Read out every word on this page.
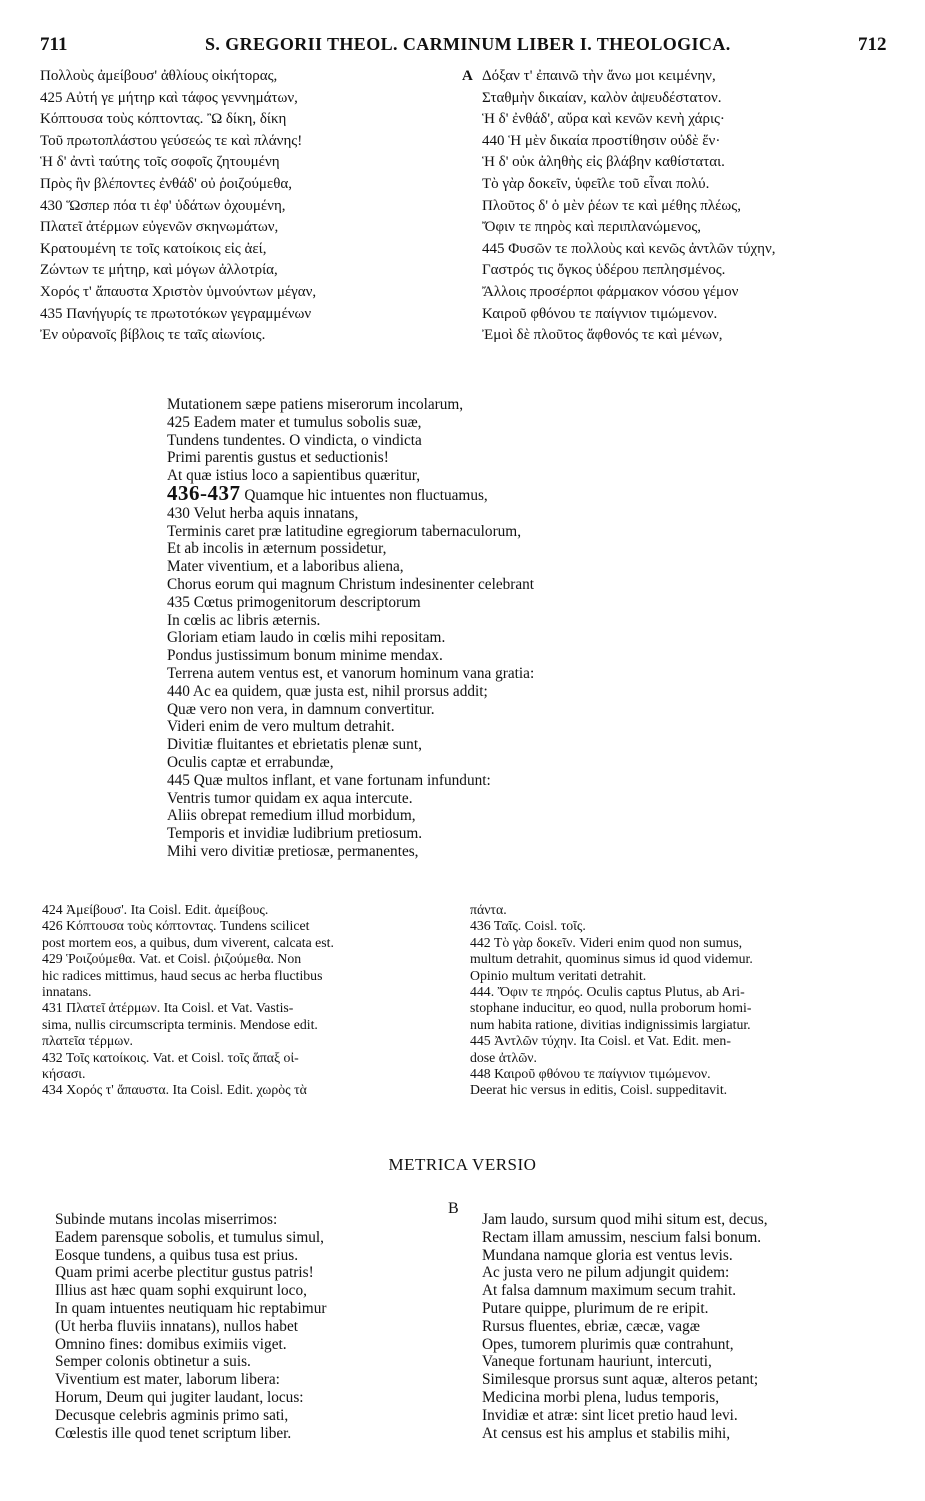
711	S. GREGORII THEOL. CARMINUM LIBER I. THEOLOGICA.	712
Πολλοὺς ἀμείβουσ' ἀθλίους οἰκήτορας,
425 Αὐτή γε μήτηρ καὶ τάφος γεννημάτων,
Κόπτουσα τοὺς κόπτοντας. Ὢ δίκη, δίκη
Τοῦ πρωτοπλάστου γεύσεώς τε καὶ πλάνης!
Ἡ δ' ἀντὶ ταύτης τοῖς σοφοῖς ζητουμένη
Πρὸς ἣν βλέποντες ἐνθάδ' οὐ ῥοιζούμεθα,
430 Ὥσπερ πόα τι ἐφ' ὑδάτων ὀχουμένη,
Πλατεῖ ἀτέρμων εὐγενῶν σκηνωμάτων,
Κρατουμένη τε τοῖς κατοίκοις εἰς ἀεί,
Ζώντων τε μήτηρ, καὶ μόγων ἀλλοτρία,
Χορός τ' ἄπαυστα Χριστὸν ὑμνούντων μέγαν,
435 Πανήγυρίς τε πρωτοτόκων γεγραμμένων
Ἐν οὐρανοῖς βίβλοις τε ταῖς αἰωνίοις.
A Δόξαν τ' ἐπαινῶ τὴν ἄνω μοι κειμένην,
Σταθμὴν δικαίαν, καλὸν ἀψευδέστατον.
Ἡ δ' ἐνθάδ', αὔρα καὶ κενῶν κενὴ χάρις·
440 Ἡ μὲν δικαία προστίθησιν οὐδὲ ἕν·
Ἡ δ' οὐκ ἀληθὴς εἰς βλάβην καθίσταται.
Τὸ γὰρ δοκεῖν, ὑφεῖλε τοῦ εἶναι πολύ.
Πλοῦτος δ' ὁ μὲν ῥέων τε καὶ μέθης πλέως,
Ὄφιν τε πηρὸς καὶ περιπλανώμενος,
445 Φυσῶν τε πολλοὺς καὶ κενῶς ἀντλῶν τύχην,
Γαστρός τις ὄγκος ὑδέρου πεπλησμένος.
Ἄλλοις προσέρποι φάρμακον νόσου γέμον
Καιροῦ φθόνου τε παίγνιον τιμώμενον.
Ἐμοὶ δὲ πλοῦτος ἄφθονός τε καὶ μένων,
Mutationem sæpe patiens miserorum incolarum,
425 Eadem mater et tumulus sobolis suæ,
Tundens tundentes. O vindicta, o vindicta
Primi parentis gustus et seductionis!
At quæ istius loco a sapientibus quæritur,
436-437 Quamque hic intuentes non fluctuamus,
430 Velut herba aquis innatans,
Terminis caret præ latitudine egregiorum tabernaculorum,
Et ab incolis in æternum possidetur,
Mater viventium, et a laboribus aliena,
Chorus eorum qui magnum Christum indesinenter celebrant
435 Cœtus primogenitorum descriptorum
In cœlis ac libris æternis.
Gloriam etiam laudo in cœlis mihi repositam.
Pondus justissimum bonum minime mendax.
Terrena autem ventus est, et vanorum hominum vana gratia:
440 Ac ea quidem, quæ justa est, nihil prorsus addit;
Quæ vero non vera, in damnum convertitur.
Videri enim de vero multum detrahit.
Divitiæ fluitantes et ebrietatis plenæ sunt,
Oculis captæ et errabundæ,
445 Quæ multos inflant, et vane fortunam infundunt:
Ventris tumor quidam ex aqua intercute.
Aliis obrepat remedium illud morbidum,
Temporis et invidiæ ludibrium pretiosum.
Mihi vero divitiæ pretiosæ, permanentes,
424 Ἀμείβουσ'. Ita Coisl. Edit. ἀμείβους.
426 Κόπτουσα τοὺς κόπτοντας. Tundens scilicet
post mortem eos, a quibus, dum viverent, calcata est.
429 Ῥοιζούμεθα. Vat. et Coisl. ῥιζούμεθα. Non
hic radices mittimus, haud secus ac herba fluctibus
innatans.
431 Πλατεῖ ἀτέρμων. Ita Coisl. et Vat. Vastis-
sima, nullis circumscripta terminis. Mendose edit.
πλατεῖα τέρμων.
432 Τοῖς κατοίκοις. Vat. et Coisl. τοῖς ἅπαξ οἰ-
κήσασι.
434 Χορός τ' ἄπαυστα. Ita Coisl. Edit. χωρὸς τὰ
πάντα.
436 Ταῖς. Coisl. τοῖς.
442 Τὸ γὰρ δοκεῖν. Videri enim quod non sumus,
multum detrahit, quominus simus id quod videmur.
Opinio multum veritati detrahit.
444. Ὄφιν τε πηρός. Oculis captus Plutus, ab Ari-
stophane inducitur, eo quod, nulla proborum homi-
num habita ratione, divitias indignissimis largiatur.
445 Ἀντλῶν τύχην. Ita Coisl. et Vat. Edit. men-
dose ἀτλῶν.
448 Καιροῦ φθόνου τε παίγνιον τιμώμενον.
Deerat hic versus in editis, Coisl. suppeditavit.
METRICA VERSIO
B
Subinde mutans incolas miserrimos:
Eadem parensque sobolis, et tumulus simul,
Eosque tundens, a quibus tusa est prius.
Quam primi acerbe plectitur gustus patris!
Illius ast hæc quam sophi exquirunt loco,
In quam intuentes neutiquam hic reptabimur
(Ut herba fluviis innatans), nullos habet
Omnino fines: domibus eximiis viget.
Semper colonis obtinetur a suis.
Viventium est mater, laborum libera:
Horum, Deum qui jugiter laudant, locus:
Decusque celebris agminis primo sati,
Cœlestis ille quod tenet scriptum liber.
Jam laudo, sursum quod mihi situm est, decus,
Rectam illam amussim, nescium falsi bonum.
Mundana namque gloria est ventus levis.
Ac justa vero ne pilum adjungit quidem:
At falsa damnum maximum secum trahit.
Putare quippe, plurimum de re eripit.
Rursus fluentes, ebriæ, cæcæ, vagæ
Opes, tumorem plurimis quæ contrahunt,
Vaneque fortunam hauriunt, intercuti,
Similesque prorsus sunt aquæ, alteros petant;
Medicina morbi plena, ludus temporis,
Invidiæ et atræ: sint licet pretio haud levi.
At census est his amplus et stabilis mihi,
